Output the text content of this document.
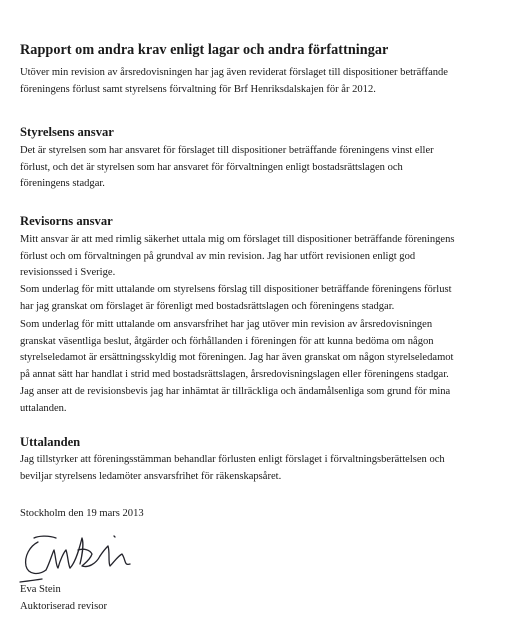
Rapport om andra krav enligt lagar och andra författningar
Utöver min revision av årsredovisningen har jag även reviderat förslaget till dispositioner beträffande
föreningens förlust samt styrelsens förvaltning för Brf Henriksdalskajen för år 2012.
Styrelsens ansvar
Det är styrelsen som har ansvaret för förslaget till dispositioner beträffande föreningens vinst eller
förlust, och det är styrelsen som har ansvaret för förvaltningen enligt bostadsrättslagen och
föreningens stadgar.
Revisorns ansvar
Mitt ansvar är att med rimlig säkerhet uttala mig om förslaget till dispositioner beträffande föreningens
förlust och om förvaltningen på grundval av min revision. Jag har utfört revisionen enligt god
revisionssed i Sverige.
Som underlag för mitt uttalande om styrelsens förslag till dispositioner beträffande föreningens förlust
har jag granskat om förslaget är förenligt med bostadsrättslagen och föreningens stadgar.
Som underlag för mitt uttalande om ansvarsfrihet har jag utöver min revision av årsredovisningen
granskat väsentliga beslut, åtgärder och förhållanden i föreningen för att kunna bedöma om någon
styrelseledamot är ersättningsskyldig mot föreningen. Jag har även granskat om någon styrelseledamot
på annat sätt har handlat i strid med bostadsrättslagen, årsredovisningslagen eller föreningens stadgar.
Jag anser att de revisionsbevis jag har inhämtat är tillräckliga och ändamålsenliga som grund för mina
uttalanden.
Uttalanden
Jag tillstyrker att föreningsstämman behandlar förlusten enligt förslaget i förvaltningsberättelsen och
beviljar styrelsens ledamöter ansvarsfrihet för räkenskapsåret.
Stockholm den 19 mars 2013
Eva Stein
Auktoriserad revisor
